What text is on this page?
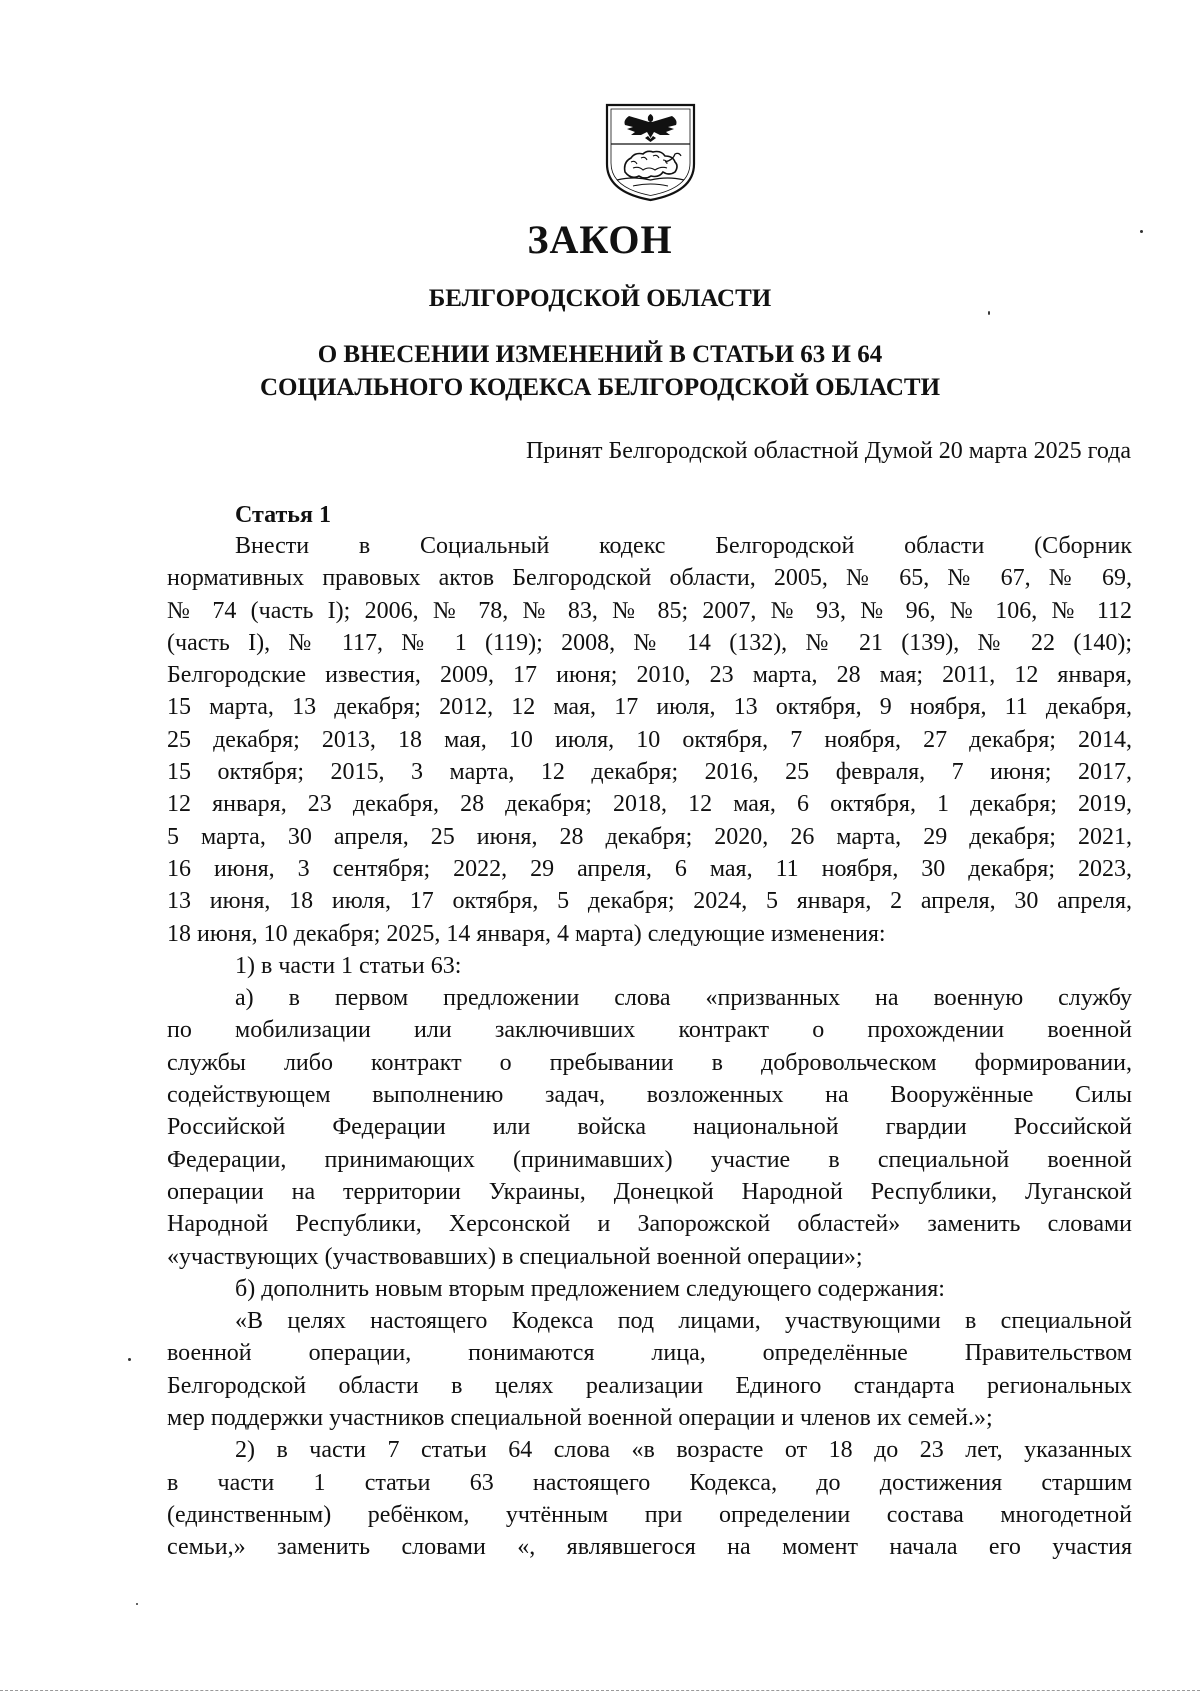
ЗАКОН
БЕЛГОРОДСКОЙ ОБЛАСТИ
О ВНЕСЕНИИ ИЗМЕНЕНИЙ В СТАТЬИ 63 И 64
СОЦИАЛЬНОГО КОДЕКСА БЕЛГОРОДСКОЙ ОБЛАСТИ
Принят Белгородской областной Думой 20 марта 2025 года
Статья 1
Внести в Социальный кодекс Белгородской области (Сборник
нормативных правовых актов Белгородской области, 2005, № 65, № 67, № 69,
№ 74 (часть I); 2006, № 78, № 83, № 85; 2007, № 93, № 96, № 106, № 112
(часть I), № 117, № 1 (119); 2008, № 14 (132), № 21 (139), № 22 (140);
Белгородские известия, 2009, 17 июня; 2010, 23 марта, 28 мая; 2011, 12 января,
15 марта, 13 декабря; 2012, 12 мая, 17 июля, 13 октября, 9 ноября, 11 декабря,
25 декабря; 2013, 18 мая, 10 июля, 10 октября, 7 ноября, 27 декабря; 2014,
15 октября; 2015, 3 марта, 12 декабря; 2016, 25 февраля, 7 июня; 2017,
12 января, 23 декабря, 28 декабря; 2018, 12 мая, 6 октября, 1 декабря; 2019,
5 марта, 30 апреля, 25 июня, 28 декабря; 2020, 26 марта, 29 декабря; 2021,
16 июня, 3 сентября; 2022, 29 апреля, 6 мая, 11 ноября, 30 декабря; 2023,
13 июня, 18 июля, 17 октября, 5 декабря; 2024, 5 января, 2 апреля, 30 апреля,
18 июня, 10 декабря; 2025, 14 января, 4 марта) следующие изменения:
1) в части 1 статьи 63:
а) в первом предложении слова «призванных на военную службу
по мобилизации или заключивших контракт о прохождении военной
службы либо контракт о пребывании в добровольческом формировании,
содействующем выполнению задач, возложенных на Вооружённые Силы
Российской Федерации или войска национальной гвардии Российской
Федерации, принимающих (принимавших) участие в специальной военной
операции на территории Украины, Донецкой Народной Республики, Луганской
Народной Республики, Херсонской и Запорожской областей» заменить словами
«участвующих (участвовавших) в специальной военной операции»;
б) дополнить новым вторым предложением следующего содержания:
«В целях настоящего Кодекса под лицами, участвующими в специальной
военной операции, понимаются лица, определённые Правительством
Белгородской области в целях реализации Единого стандарта региональных
мер поддержки участников специальной военной операции и членов их семей.»;
2) в части 7 статьи 64 слова «в возрасте от 18 до 23 лет, указанных
в части 1 статьи 63 настоящего Кодекса, до достижения старшим
(единственным) ребёнком, учтённым при определении состава многодетной
семьи,» заменить словами «, являвшегося на момент начала его участия
